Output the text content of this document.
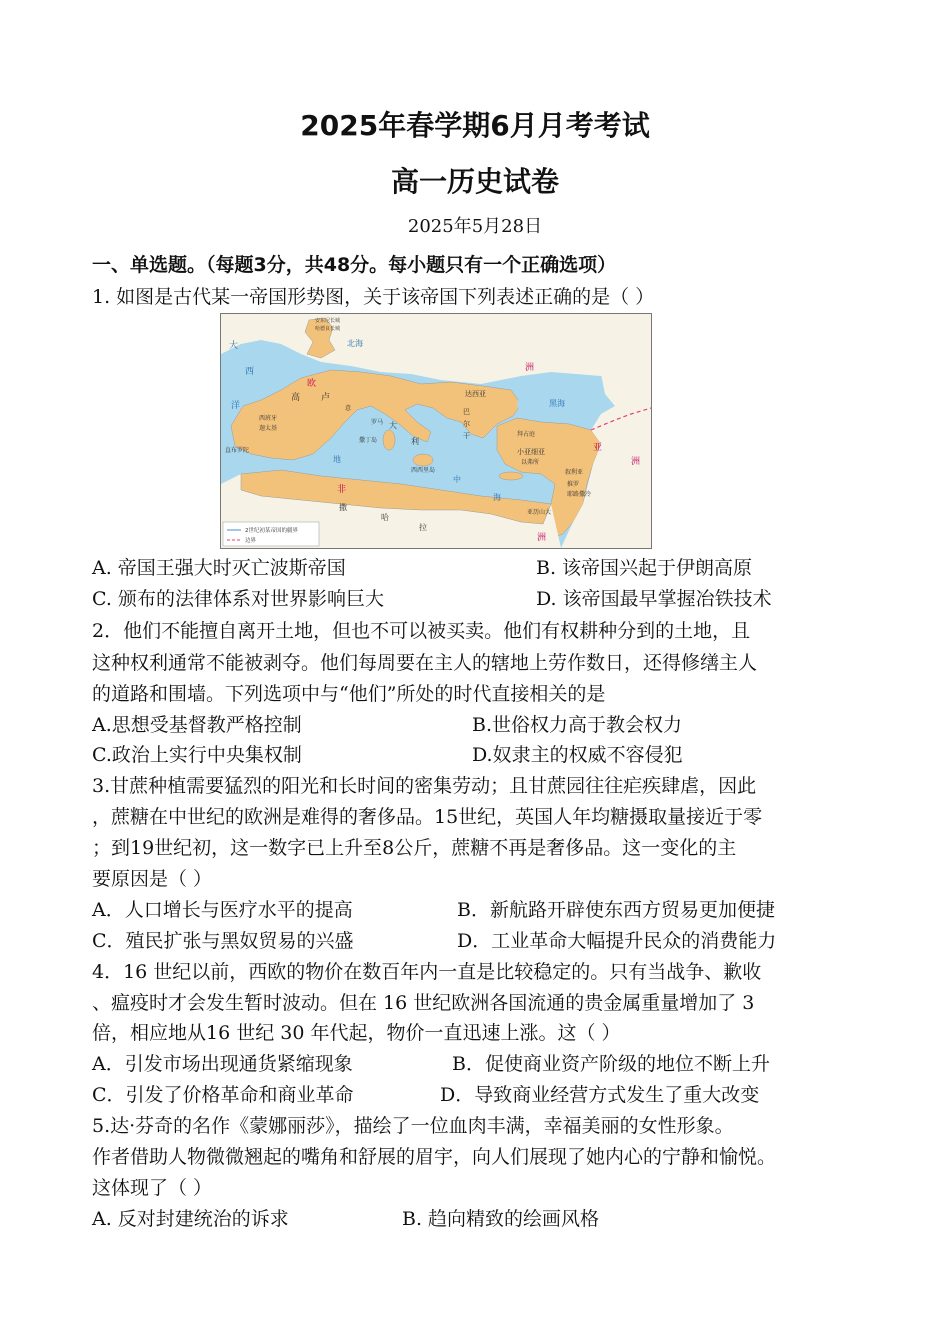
2025年春学期6月月考考试
高一历史试卷
2025年5月28日
一、单选题。（每题3分，共48分。每小题只有一个正确选项）
1. 如图是古代某一帝国形势图，关于该帝国下列表述正确的是（ ）
2世纪初某帝国的疆界
边界
安东尼长城
哈德良长城
北海
大
西
洋
欧
洲
高 卢
意
西班牙
迦太基
直布罗陀
罗马 大
利
撒丁岛
西西里岛
达西亚
巴
尔
干
黑海
拜占庭
小亚细亚
以弗所
亚
洲
叙利亚
推罗
耶路撒冷
亚历山大
非
洲
撒
哈
拉
地
中
海
A. 帝国王强大时灭亡波斯帝国	B. 该帝国兴起于伊朗高原
C. 颁布的法律体系对世界影响巨大	D. 该帝国最早掌握冶铁技术
2．他们不能擅自离开土地，但也不可以被买卖。他们有权耕种分到的土地，且
这种权利通常不能被剥夺。他们每周要在主人的辖地上劳作数日，还得修缮主人
的道路和围墙。下列选项中与“他们”所处的时代直接相关的是
A.思想受基督教严格控制	B.世俗权力高于教会权力
C.政治上实行中央集权制	D.奴隶主的权威不容侵犯
3.甘蔗种植需要猛烈的阳光和长时间的密集劳动；且甘蔗园往往疟疾肆虐，因此
，蔗糖在中世纪的欧洲是难得的奢侈品。15世纪，英国人年均糖摄取量接近于零
；到19世纪初，这一数字已上升至8公斤，蔗糖不再是奢侈品。这一变化的主
要原因是（ ）
A．人口增长与医疗水平的提高	B．新航路开辟使东西方贸易更加便捷
C．殖民扩张与黑奴贸易的兴盛	D．工业革命大幅提升民众的消费能力
4．16 世纪以前，西欧的物价在数百年内一直是比较稳定的。只有当战争、歉收
、瘟疫时才会发生暂时波动。但在 16 世纪欧洲各国流通的贵金属重量增加了 3
倍，相应地从16 世纪 30 年代起，物价一直迅速上涨。这（ ）
A．引发市场出现通货紧缩现象	B．促使商业资产阶级的地位不断上升
C．引发了价格革命和商业革命	D．导致商业经营方式发生了重大改变
5.达·芬奇的名作《蒙娜丽莎》，描绘了一位血肉丰满，幸福美丽的女性形象。
作者借助人物微微翘起的嘴角和舒展的眉宇，向人们展现了她内心的宁静和愉悦。
这体现了（ ）
A. 反对封建统治的诉求	B. 趋向精致的绘画风格
